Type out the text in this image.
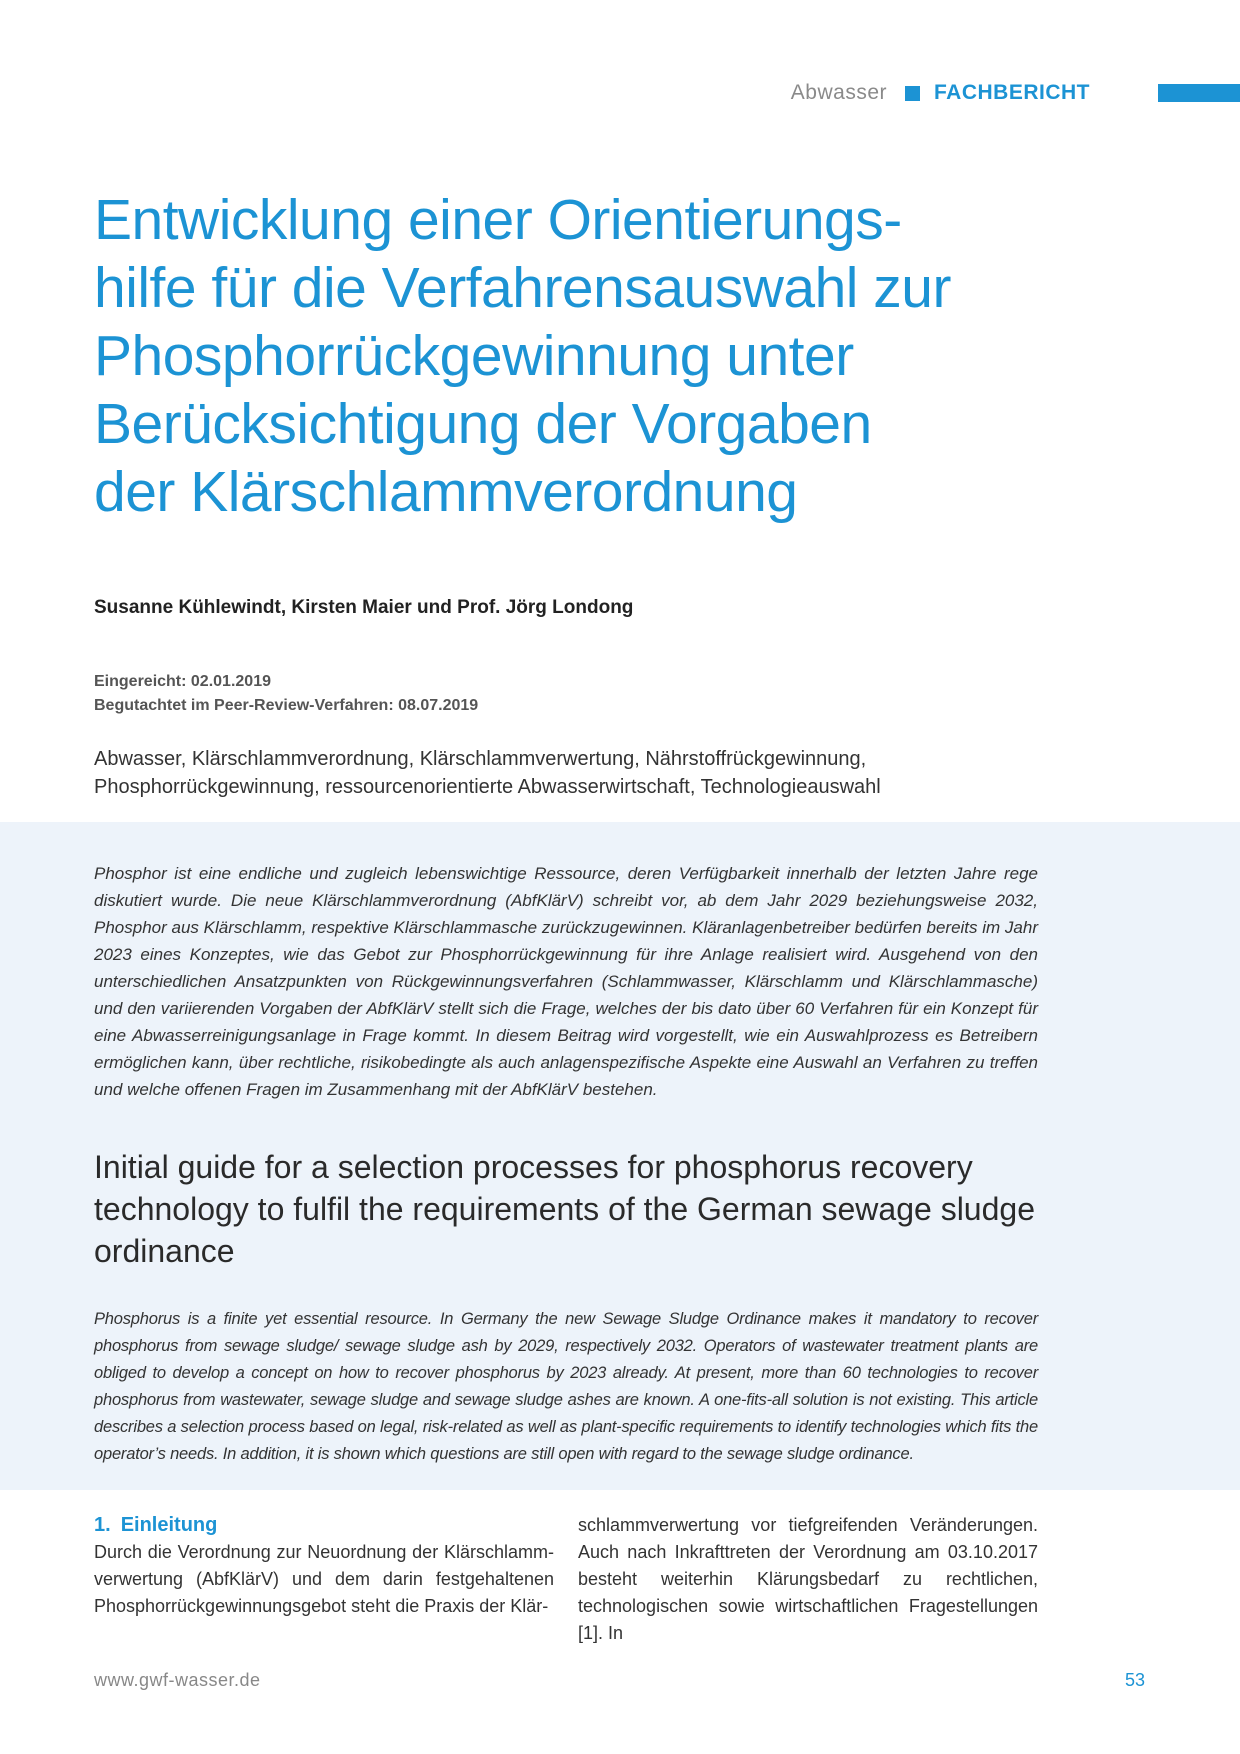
Abwasser FACHBERICHT
Entwicklung einer Orientierungs-
hilfe für die Verfahrensauswahl zur
Phosphorrückgewinnung unter
Berücksichtigung der Vorgaben
der Klärschlammverordnung
Susanne Kühlewindt, Kirsten Maier und Prof. Jörg Londong
Eingereicht: 02.01.2019
Begutachtet im Peer-Review-Verfahren: 08.07.2019
Abwasser, Klärschlammverordnung, Klärschlammverwertung, Nährstoffrückgewinnung, Phosphorrückgewinnung, ressourcenorientierte Abwasserwirtschaft, Technologieauswahl

Phosphor ist eine endliche und zugleich lebenswichtige Ressource, deren Verfügbarkeit innerhalb der letzten Jahre rege diskutiert wurde. Die neue Klärschlammverordnung (AbfKlärV) schreibt vor, ab dem Jahr 2029 beziehungsweise 2032, Phosphor aus Klärschlamm, respektive Klärschlammasche zurückzugewinnen. Kläranlagenbetreiber bedürfen bereits im Jahr 2023 eines Konzeptes, wie das Gebot zur Phosphorrückgewinnung für ihre Anlage realisiert wird. Ausgehend von den unterschiedlichen Ansatzpunkten von Rückgewinnungsverfahren (Schlammwasser, Klärschlamm und Klärschlammasche) und den variierenden Vorgaben der AbfKlärV stellt sich die Frage, welches der bis dato über 60 Verfahren für ein Konzept für eine Abwasserreinigungsanlage in Frage kommt. In diesem Beitrag wird vorgestellt, wie ein Auswahlprozess es Betreibern ermöglichen kann, über rechtliche, risikobedingte als auch anlagenspezifische Aspekte eine Auswahl an Verfahren zu treffen und welche offenen Fragen im Zusammenhang mit der AbfKlärV bestehen.

Initial guide for a selection processes for phosphorus recovery technology to fulfil the requirements of the German sewage sludge ordinance

Phosphorus is a finite yet essential resource. In Germany the new Sewage Sludge Ordinance makes it mandatory to recover phosphorus from sewage sludge/ sewage sludge ash by 2029, respectively 2032. Operators of wastewater treatment plants are obliged to develop a concept on how to recover phosphorus by 2023 already. At present, more than 60 technologies to recover phosphorus from wastewater, sewage sludge and sewage sludge ashes are known. A one-fits-all solution is not existing. This article describes a selection process based on legal, risk-related as well as plant-specific requirements to identify technologies which fits the operator’s needs. In addition, it is shown which questions are still open with regard to the sewage sludge ordinance.

1. Einleitung

Durch die Verordnung zur Neuordnung der Klärschlamm-verwertung (AbfKlärV) und dem darin festgehaltenen Phosphorrückgewinnungsgebot steht die Praxis der Klär-

schlammverwertung vor tiefgreifenden Veränderungen. Auch nach Inkrafttreten der Verordnung am 03.10.2017 besteht weiterhin Klärungsbedarf zu rechtlichen, technologischen sowie wirtschaftlichen Fragestellungen [1]. In

www.gwf-wasser.de	53
